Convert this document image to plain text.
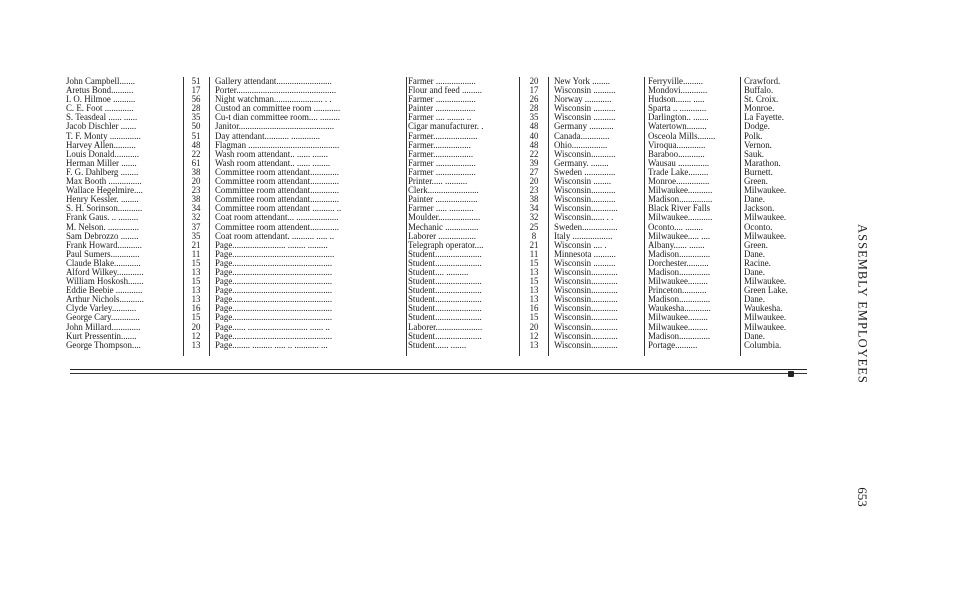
John Campbell.......
Aretus Bond..........
I. O. Hilmoe ..........
C. E. Foot .............
S. Teasdeal ...... ......
Jacob Dischler .......
T. F. Monty ..............
Harvey Allen..........
Louis Donald...........
Herman Miller .......
F. G. Dahlberg ........
Max Booth ...............
Wallace Hegelmire....
Henry Kessler. ........
S. H. Sorinson...........
Frank Gaus. .. .........
M. Nelson. ..............
Sam Debrozzo ........
Frank Howard...........
Paul Sumers.............
Claude Blake............
Alford Wilkey............
William Hoskosh.......
Eddie Beebie ............
Arthur Nichols...........
Clyde Varley...........
George Cary.............
John Millard.............
Kurt Pressentin.......
George Thompson....
51
17
56
28
35
50
51
48
22
61
38
20
23
38
34
32
37
35
21
11
15
13
15
13
13
16
15
20
12
13
Gallery attendant.........................
Porter.............................................
Night watchman...................... . .
Custod an committee room ............
Cu-t dian committee room.... .........
Janitor...........................................
Day attendant........... .............
Flagman .........................................
Wash room attendant.. ...... .......
Wash room attendant.. ...... ........
Committee room attendant.............
Committee room attendant.............
Committee room attendant.............
Committee room attendant.............
Committee room attendant .......... ..
Coat room attendant... ...................
Committee room attendent.............
Coat room attendant. .......... ..... ..
Page........................ ........ .........
Page..............................................
Page.............................................
Page.............................................
Page.............................................
Page.............................................
Page.............................................
Page.............................................
Page.............................................
Page...... ........................... ...... ..
Page.............................................
Page........ ......... ..... .. ........... ...
Farmer ..................
Flour and feed .........
Farmer ..................
Painter ..................
Farmer .... ........ ..
Cigar manufacturer. .
Farmer....................
Farmer.................
Farmer..................
Farmer ..................
Farmer ..................
Printer..... ..........
Clerk.......................
Painter ...................
Farmer ..... ...........
Moulder...................
Mechanic ...............
Laborer .................
Telegraph operator....
Student.....................
Student.....................
Student.... ..........
Student.....................
Student.....................
Student.....................
Student.....................
Student.....................
Laborer.....................
Student.....................
Student...... .......
20
17
26
28
35
48
40
48
22
39
27
20
23
38
34
32
25
8
21
11
15
13
15
13
13
16
15
20
12
13
New York ........
Wisconsin ..........
Norway ............
Wisconsin ..........
Wisconsin ..........
Germany ...........
Canada.............
Ohio................
Wisconsin...........
Germany. ........
Sweden ..............
Wisconsin ........
Wisconsin...........
Wisconsin...........
Wisconsin............
Wisconsin...... . .
Sweden................
Italy ..................
Wisconsin .... .
Minnesota ..........
Wisconsin ..........
Wisconsin............
Wisconsin............
Wisconsin............
Wisconsin............
Wisconsin............
Wisconsin............
Wisconsin............
Wisconsin............
Wisconsin............
Ferryville.........
Mondovi............
Hudson....... .....
Sparta .. ............
Darlington.. .......
Watertown.........
Osceola Mills........
Viroqua.............
Baraboo............
Wausau ..............
Trade Lake.........
Monroe...............
Milwaukee...........
Madison...............
Black River Falls
Milwaukee...........
Oconto.... ........
Milwaukee..... ....
Albany...... .......
Madison..............
Dorchester..........
Madison..............
Milwaukee.........
Princeton...........
Madison..............
Waukesha............
Milwaukee.........
Milwaukee.........
Madison..............
Portage..........
Crawford.
Buffalo.
St. Croix.
Monroe.
La Fayette.
Dodge.
Polk.
Vernon.
Sauk.
Marathon.
Burnett.
Green.
Milwaukee.
Dane.
Jackson.
Milwaukee.
Oconto.
Milwaukee.
Green.
Dane.
Racine.
Dane.
Milwaukee.
Green Lake.
Dane.
Waukesha.
Milwaukee.
Milwaukee.
Dane.
Columbia.	ASSEMBLY EMPLOYEES
653
